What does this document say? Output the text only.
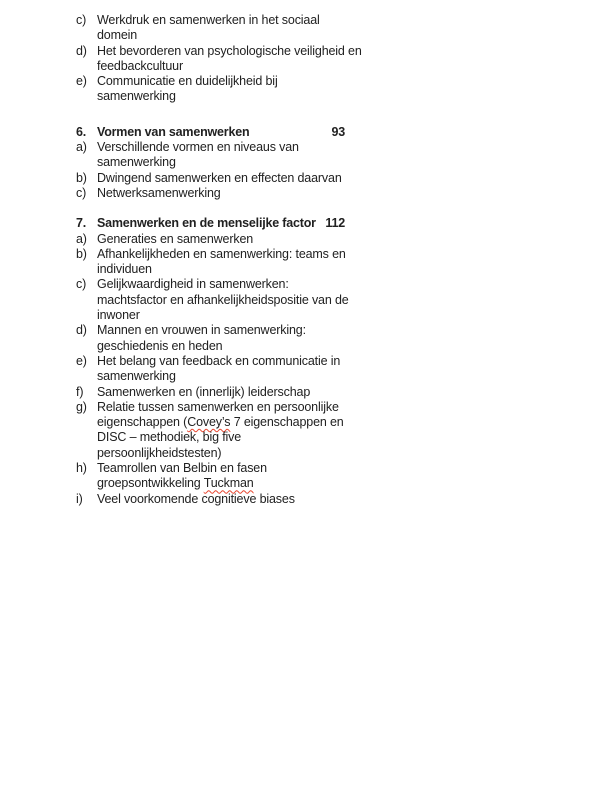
c) Werkdruk en samenwerken in het sociaal
domein
d) Het bevorderen van psychologische veiligheid en
feedbackcultuur
e) Communicatie en duidelijkheid bij
samenwerking
6. Vormen van samenwerken	93
a) Verschillende vormen en niveaus van
samenwerking
b) Dwingend samenwerken en effecten daarvan
c) Netwerksamenwerking
7. Samenwerken en de menselijke factor 112
a) Generaties en samenwerken
b) Afhankelijkheden en samenwerking: teams en
individuen
c) Gelijkwaardigheid in samenwerken:
machtsfactor en afhankelijkheidspositie van de
inwoner
d) Mannen en vrouwen in samenwerking:
geschiedenis en heden
e) Het belang van feedback en communicatie in
samenwerking
f)	Samenwerken en (innerlijk) leiderschap
g) Relatie tussen samenwerken en persoonlijke
eigenschappen (Covey’s 7 eigenschappen en
DISC – methodiek, big five
persoonlijkheidstesten)
h) Teamrollen van Belbin en fasen
groepsontwikkeling Tuckman
i)	Veel voorkomende cognitieve biases
